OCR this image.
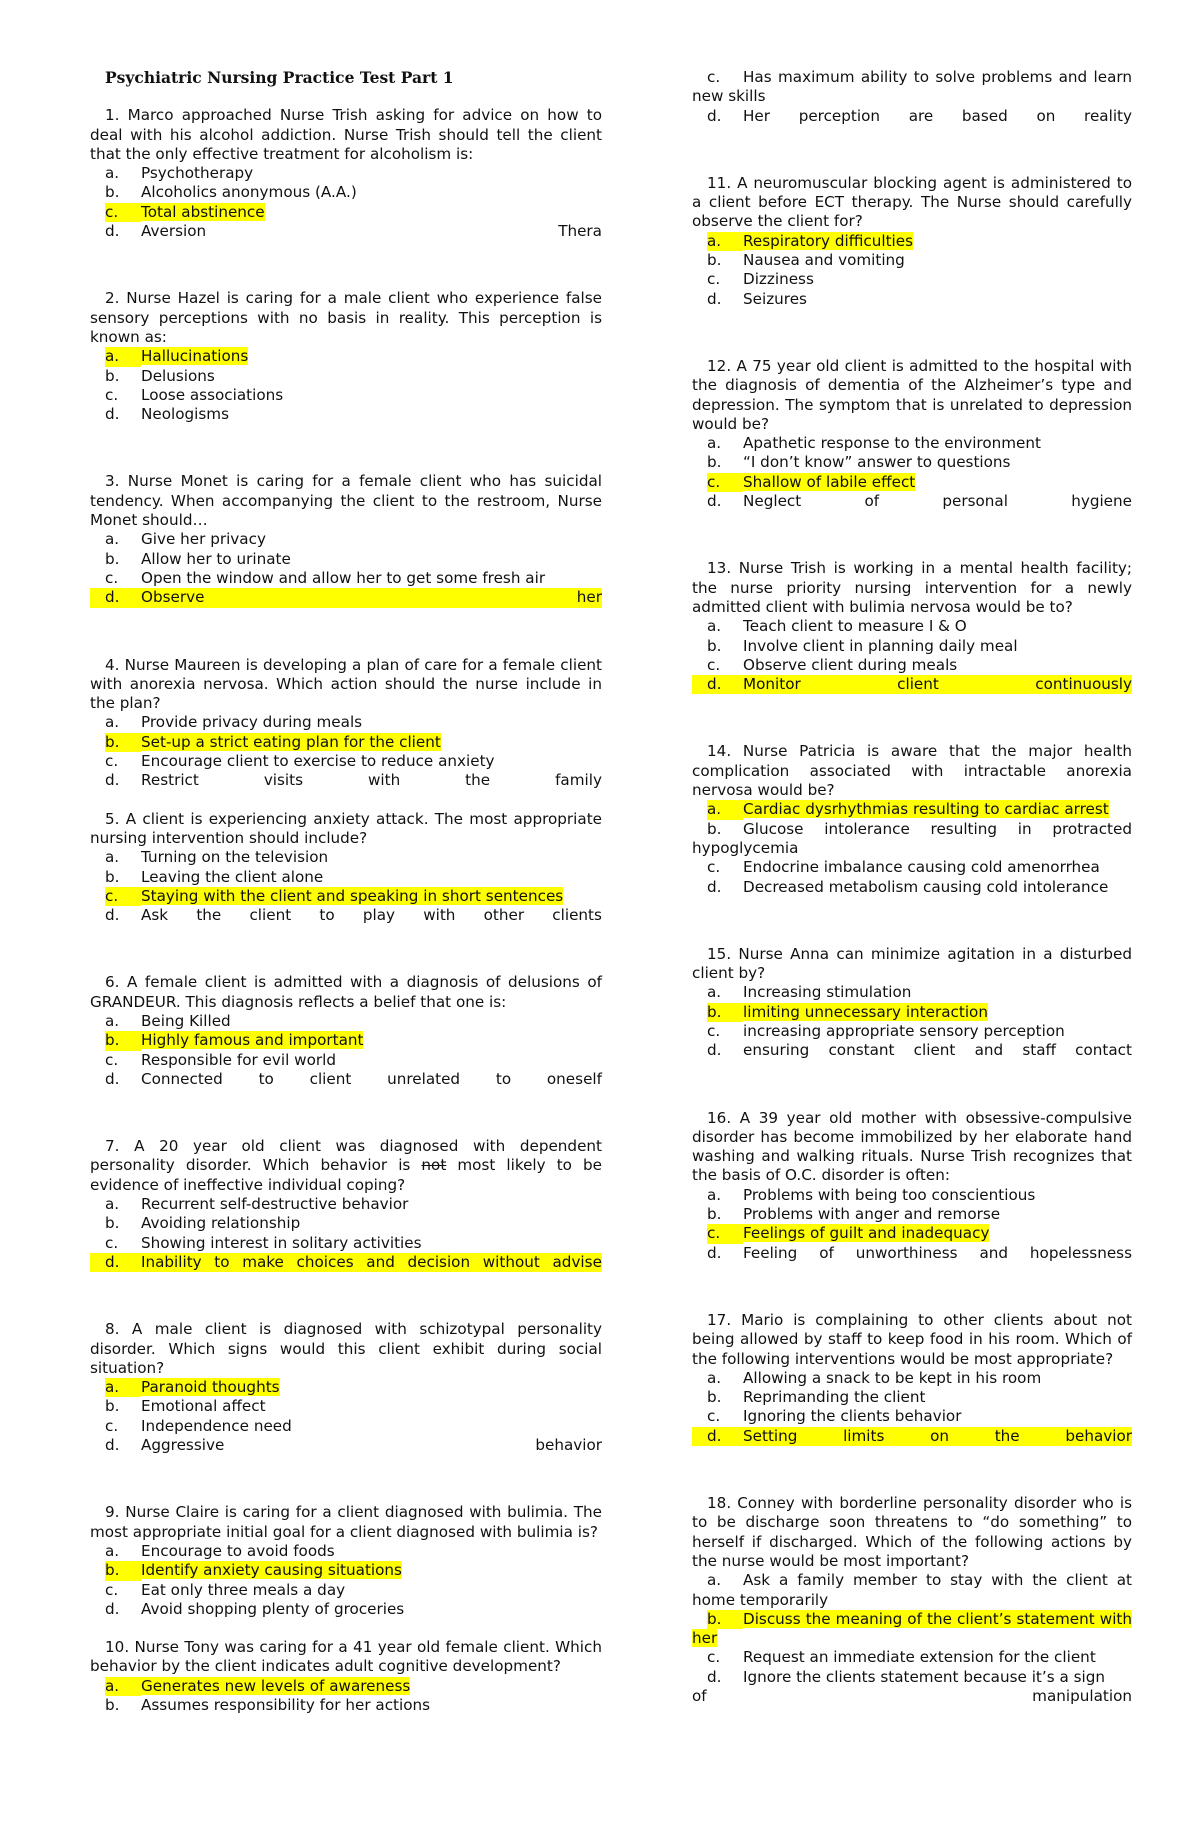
Psychiatric Nursing Practice Test Part 1
1. Marco approached Nurse Trish asking for advice on how to deal with his alcohol addiction. Nurse Trish should tell the client that the only effective treatment for alcoholism is:
a.	Psychotherapy
b.	Alcoholics anonymous (A.A.)
c.	Total abstinence
d.	Aversion	Thera
2. Nurse Hazel is caring for a male client who experience false sensory perceptions with no basis in reality. This perception is known as:
a.	Hallucinations
b.	Delusions
c.	Loose associations
d.	Neologisms
3. Nurse Monet is caring for a female client who has suicidal tendency. When accompanying the client to the restroom, Nurse Monet should…
a.	Give her privacy
b.	Allow her to urinate
c.	Open the window and allow her to get some fresh air
d.	Observe	her
4. Nurse Maureen is developing a plan of care for a female client with anorexia nervosa. Which action should the nurse include in the plan?
a.	Provide privacy during meals
b.	Set-up a strict eating plan for the client
c.	Encourage client to exercise to reduce anxiety
d.	Restrict	visits	with	the	family
5. A client is experiencing anxiety attack. The most appropriate nursing intervention should include?
a.	Turning on the television
b.	Leaving the client alone
c.	Staying with the client and speaking in short sentences
d.	Ask the client to play with other clients
6. A female client is admitted with a diagnosis of delusions of GRANDEUR. This diagnosis reflects a belief that one is:
a.	Being Killed
b.	Highly famous and important
c.	Responsible for evil world
d.	Connected to client unrelated to oneself
7. A 20 year old client was diagnosed with dependent personality disorder. Which behavior is not most likely to be evidence of ineffective individual coping?
a.	Recurrent self-destructive behavior
b.	Avoiding relationship
c.	Showing interest in solitary activities
d.	Inability to make choices and decision without advise
8. A male client is diagnosed with schizotypal personality disorder. Which signs would this client exhibit during social situation?
a.	Paranoid thoughts
b.	Emotional affect
c.	Independence need
d.	Aggressive	behavior
9. Nurse Claire is caring for a client diagnosed with bulimia. The most appropriate initial goal for a client diagnosed with bulimia is?
a.	Encourage to avoid foods
b.	Identify anxiety causing situations
c.	Eat only three meals a day
d.	Avoid shopping plenty of groceries
10. Nurse Tony was caring for a 41 year old female client. Which behavior by the client indicates adult cognitive development?
a.	Generates new levels of awareness
b.	Assumes responsibility for her actions
c. Has maximum ability to solve problems and learn new skills
d.	Her perception are based on reality
11. A neuromuscular blocking agent is administered to a client before ECT therapy. The Nurse should carefully observe the client for?
a.	Respiratory difficulties
b.	Nausea and vomiting
c.	Dizziness
d.	Seizures
12. A 75 year old client is admitted to the hospital with the diagnosis of dementia of the Alzheimer’s type and depression. The symptom that is unrelated to depression would be?
a.	Apathetic response to the environment
b.	“I don’t know” answer to questions
c.	Shallow of labile effect
d.	Neglect	of	personal	hygiene
13. Nurse Trish is working in a mental health facility; the nurse priority nursing intervention for a newly admitted client with bulimia nervosa would be to?
a.	Teach client to measure I & O
b.	Involve client in planning daily meal
c.	Observe client during meals
d.	Monitor	client	continuously
14. Nurse Patricia is aware that the major health complication associated with intractable anorexia nervosa would be?
a.	Cardiac dysrhythmias resulting to cardiac arrest
b. Glucose intolerance resulting in protracted hypoglycemia
c.	Endocrine imbalance causing cold amenorrhea
d.	Decreased metabolism causing cold intolerance
15. Nurse Anna can minimize agitation in a disturbed client by?
a.	Increasing stimulation
b.	limiting unnecessary interaction
c.	increasing appropriate sensory perception
d.	ensuring constant client and staff contact
16. A 39 year old mother with obsessive-compulsive disorder has become immobilized by her elaborate hand washing and walking rituals. Nurse Trish recognizes that the basis of O.C. disorder is often:
a.	Problems with being too conscientious
b.	Problems with anger and remorse
c.	Feelings of guilt and inadequacy
d.	Feeling of unworthiness and hopelessness
17. Mario is complaining to other clients about not being allowed by staff to keep food in his room. Which of the following interventions would be most appropriate?
a.	Allowing a snack to be kept in his room
b.	Reprimanding the client
c.	Ignoring the clients behavior
d.	Setting	limits	on	the	behavior
18. Conney with borderline personality disorder who is to be discharge soon threatens to “do something” to herself if discharged. Which of the following actions by the nurse would be most important?
a. Ask a family member to stay with the client at home temporarily
b. Discuss the meaning of the client’s statement with her
c.	Request an immediate extension for the client
d.	Ignore the clients statement because it’s a sign
of	manipulation
